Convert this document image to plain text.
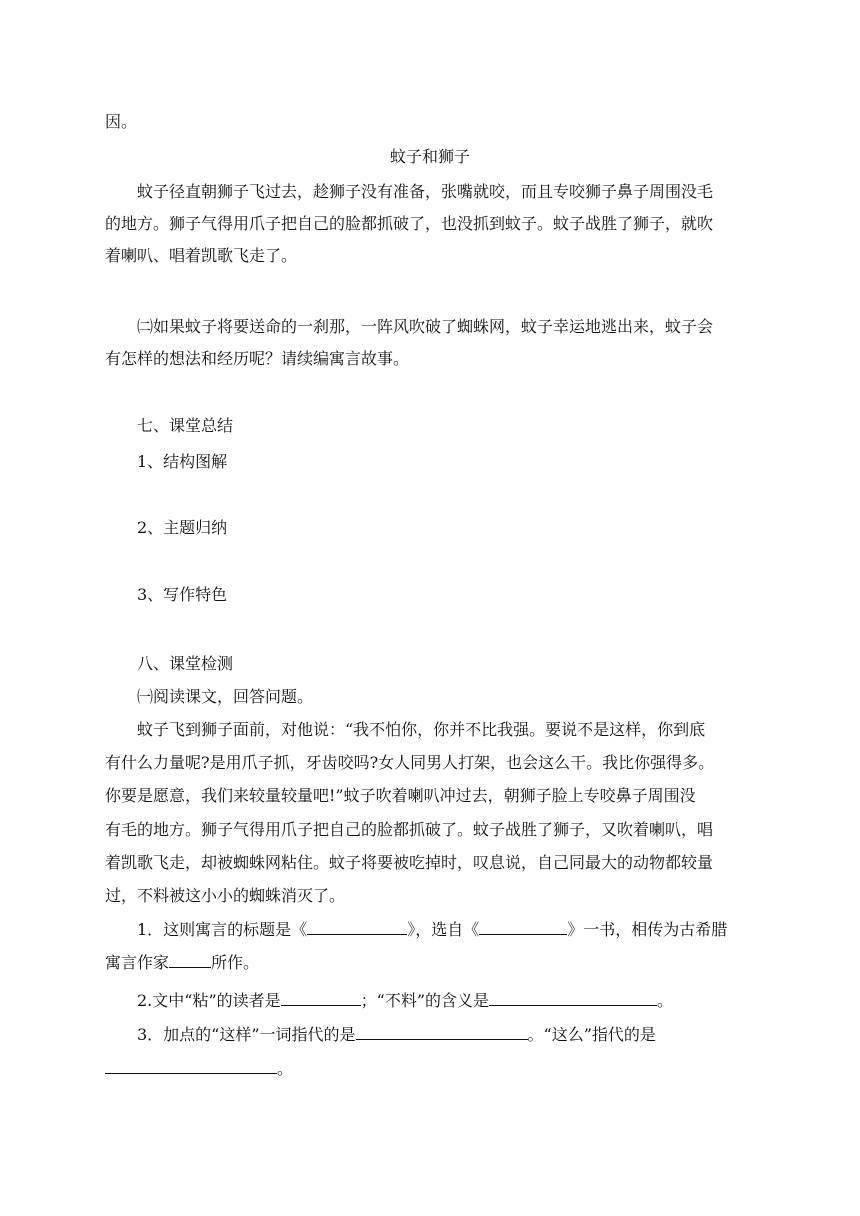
因。
蚊子和狮子
蚊子径直朝狮子飞过去，趁狮子没有准备，张嘴就咬，而且专咬狮子鼻子周围没毛
的地方。狮子气得用爪子把自己的脸都抓破了，也没抓到蚊子。蚊子战胜了狮子，就吹
着喇叭、唱着凯歌飞走了。
㈡如果蚊子将要送命的一刹那，一阵风吹破了蜘蛛网，蚊子幸运地逃出来，蚊子会
有怎样的想法和经历呢？请续编寓言故事。
七、课堂总结
1、结构图解
2、主题归纳
3、写作特色
八、课堂检测
㈠阅读课文，回答问题。
蚊子飞到狮子面前，对他说：“我不怕你，你并不比我强。要说不是这样，你到底
有什么力量呢?是用爪子抓，牙齿咬吗?女人同男人打架，也会这么干。我比你强得多。
你要是愿意，我们来较量较量吧!”蚊子吹着喇叭冲过去，朝狮子脸上专咬鼻子周围没
有毛的地方。狮子气得用爪子把自己的脸都抓破了。蚊子战胜了狮子，又吹着喇叭，唱
着凯歌飞走，却被蜘蛛网粘住。蚊子将要被吃掉时，叹息说，自己同最大的动物都较量
过，不料被这小小的蜘蛛消灭了。
1．这则寓言的标题是《	》，选自《	》一书，相传为古希腊
寓言作家	所作。
2.文中“粘”的读者是	；“不料”的含义是	。
3．加点的“这样”一词指代的是	。“这么”指代的是
。
